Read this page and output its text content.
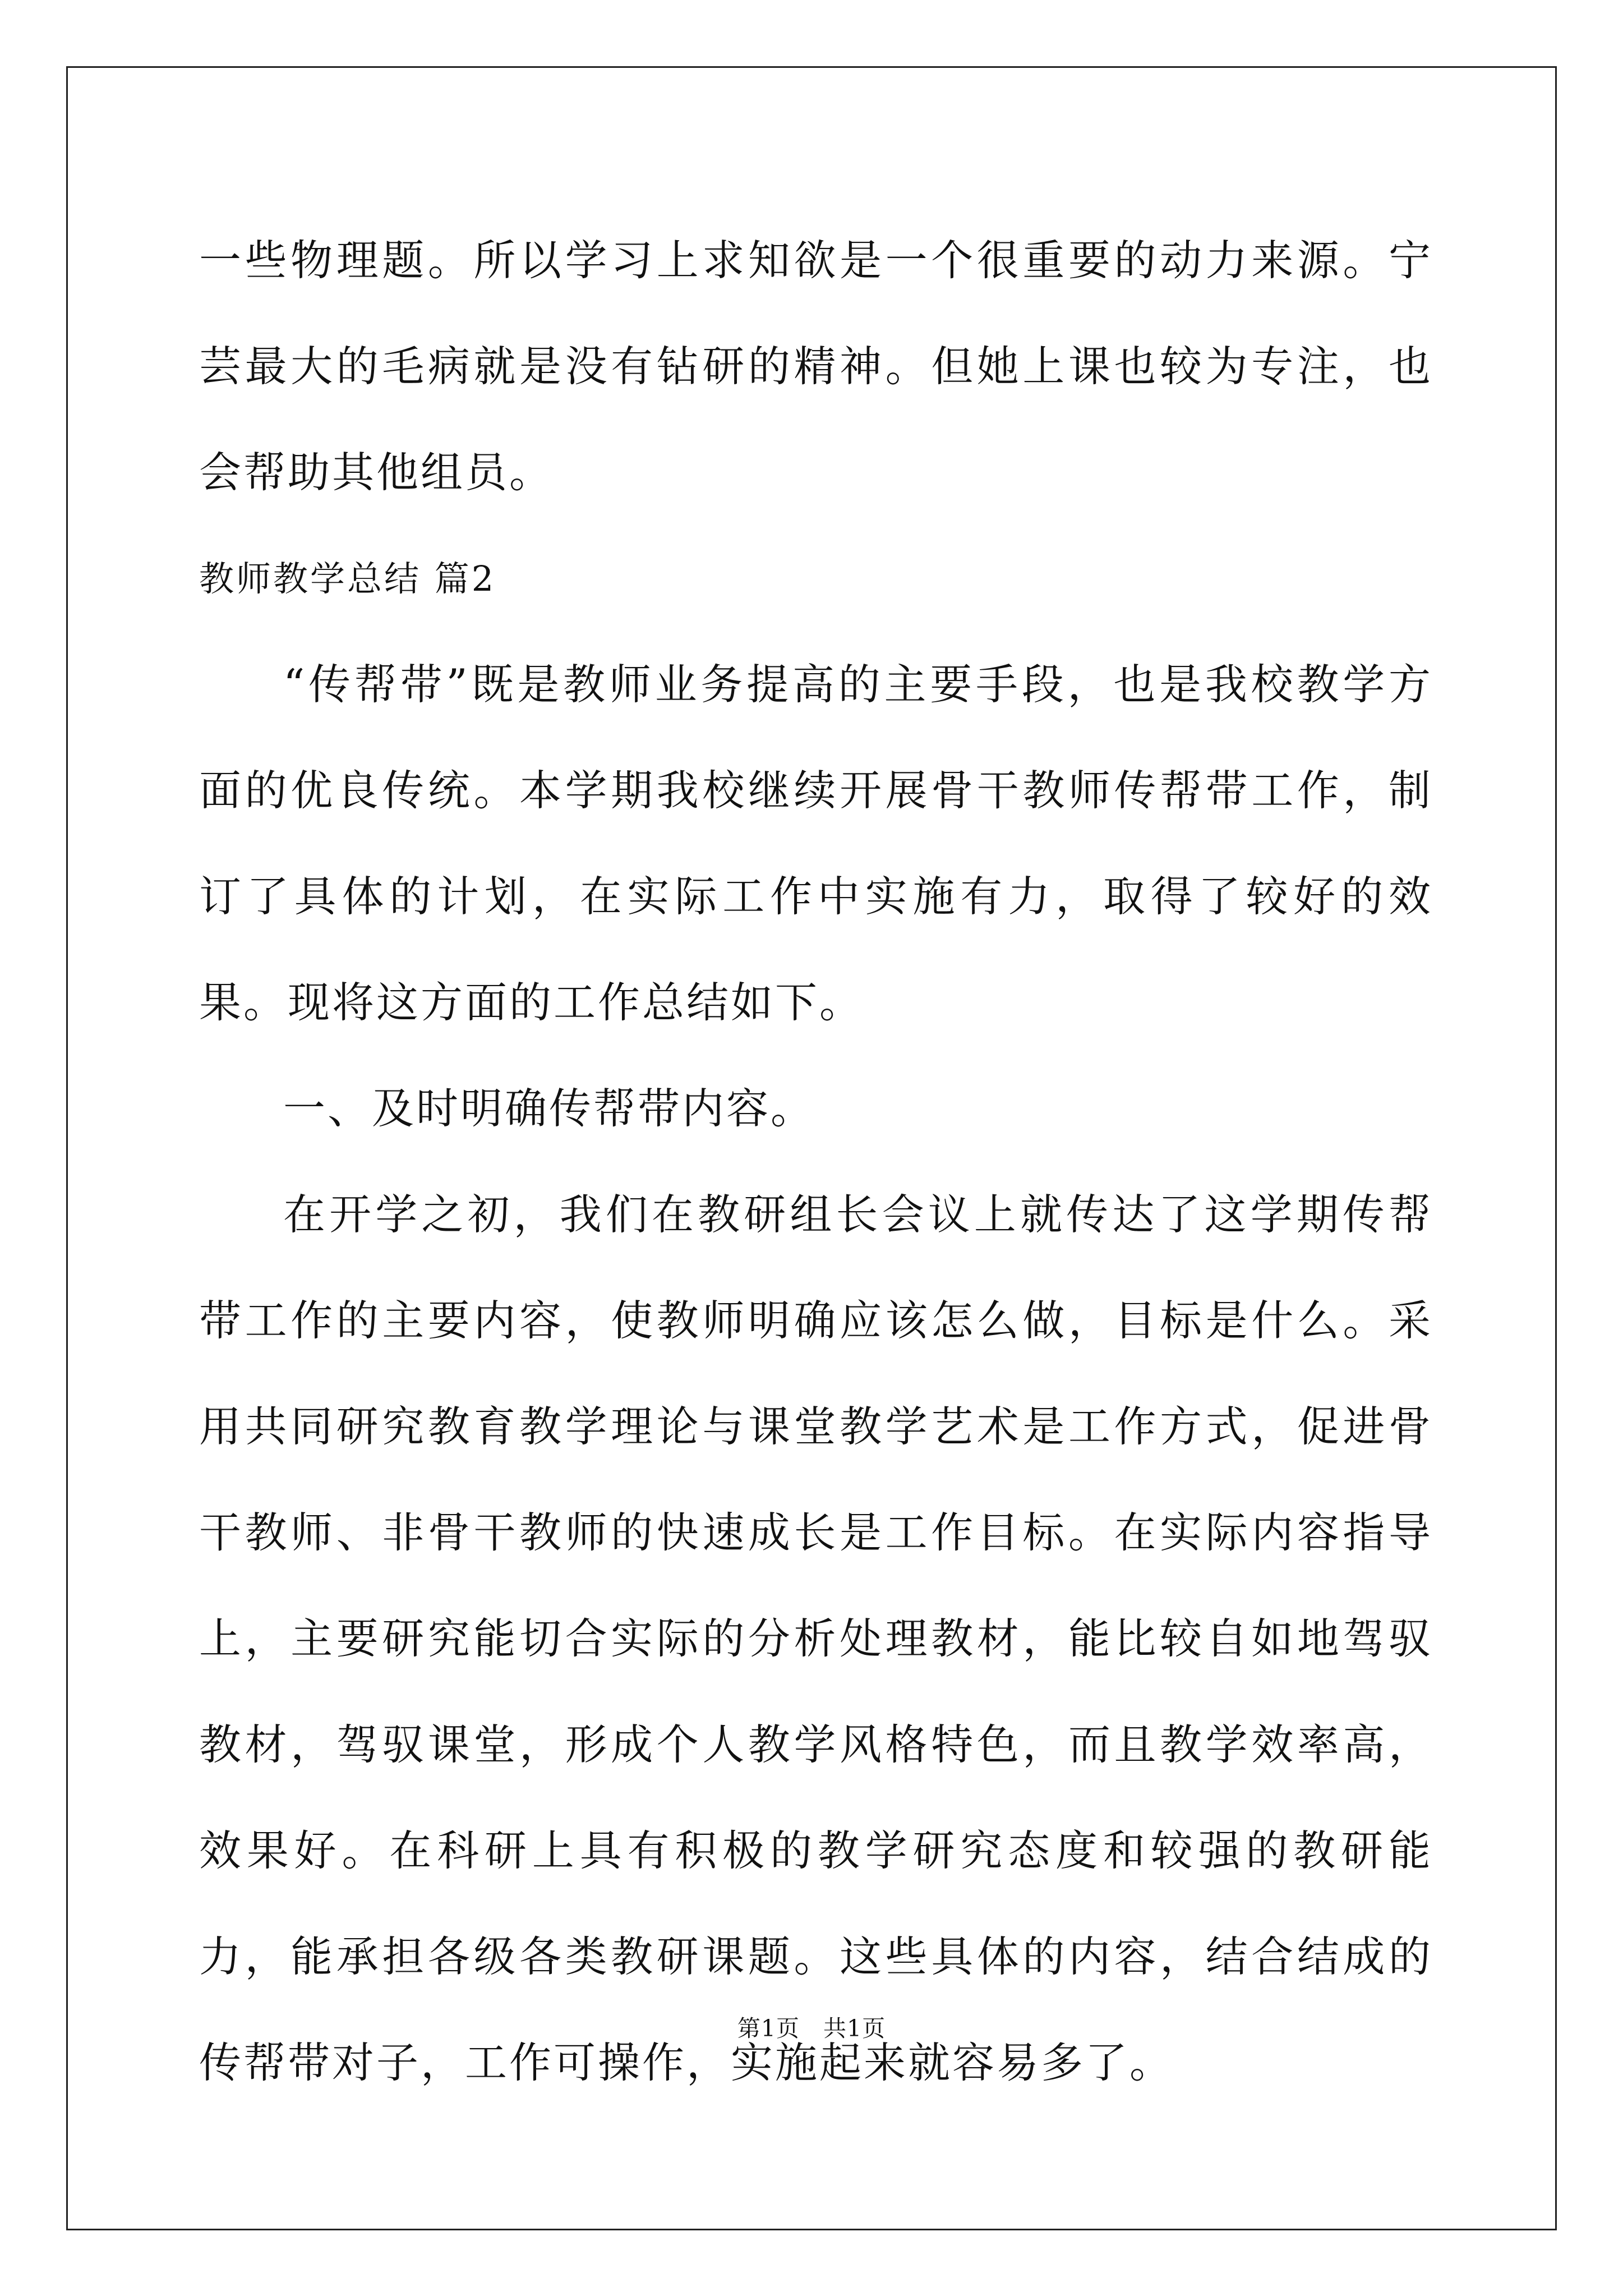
一些物理题。所以学习上求知欲是一个很重要的动力来源。宁芸最大的毛病就是没有钻研的精神。但她上课也较为专注，也会帮助其他组员。

教师教学总结 篇2

“传帮带”既是教师业务提高的主要手段，也是我校教学方面的优良传统。本学期我校继续开展骨干教师传帮带工作，制订了具体的计划，在实际工作中实施有力，取得了较好的效果。现将这方面的工作总结如下。

一、及时明确传帮带内容。

在开学之初，我们在教研组长会议上就传达了这学期传帮带工作的主要内容，使教师明确应该怎么做，目标是什么。采用共同研究教育教学理论与课堂教学艺术是工作方式，促进骨干教师、非骨干教师的快速成长是工作目标。在实际内容指导上，主要研究能切合实际的分析处理教材，能比较自如地驾驭教材，驾驭课堂，形成个人教学风格特色，而且教学效率高，效果好。在科研上具有积极的教学研究态度和较强的教研能力，能承担各级各类教研课题。这些具体的内容，结合结成的传帮带对子，工作可操作，实施起来就容易多了。

第1页　共1页
